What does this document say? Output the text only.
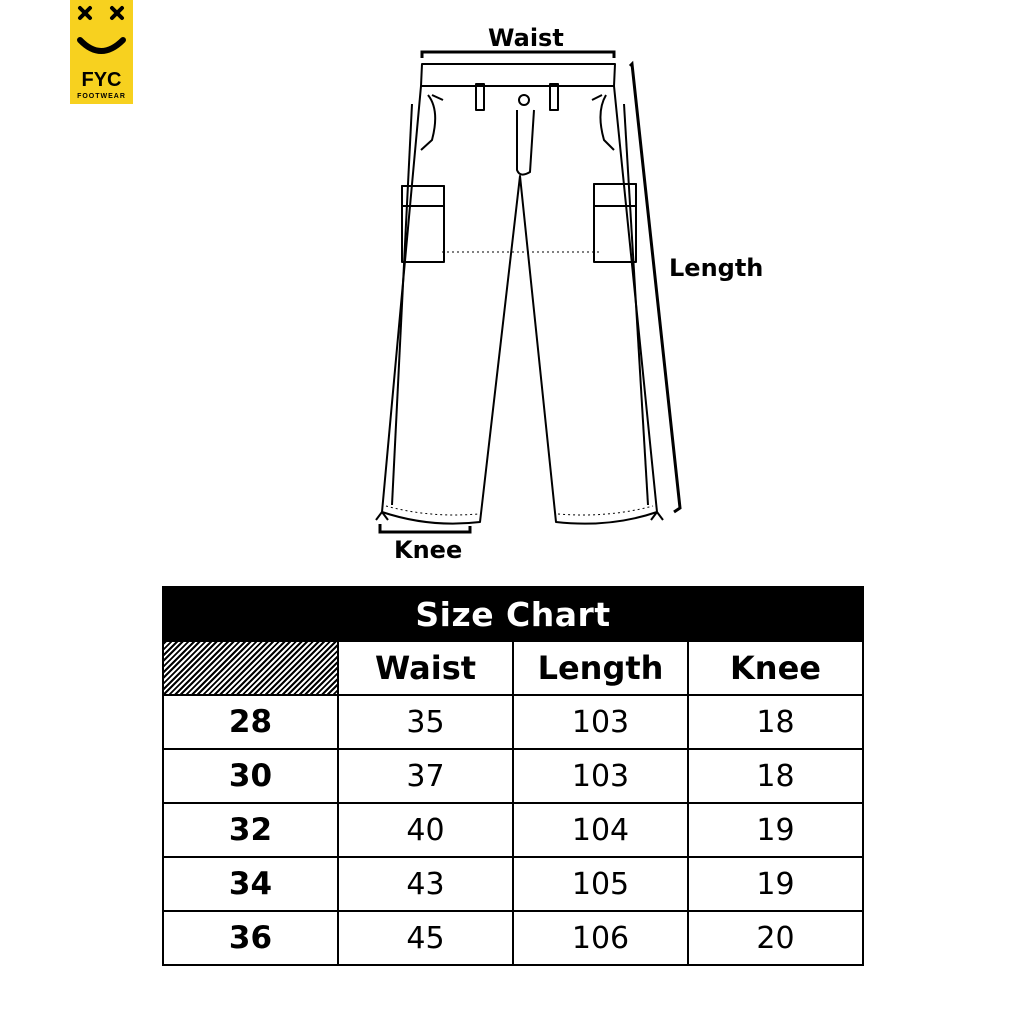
FYC
FOOTWEAR
Waist
Length
Knee
Size Chart			
	Waist	Length	Knee
28	35	103	18
30	37	103	18
32	40	104	19
34	43	105	19
36	45	106	20
